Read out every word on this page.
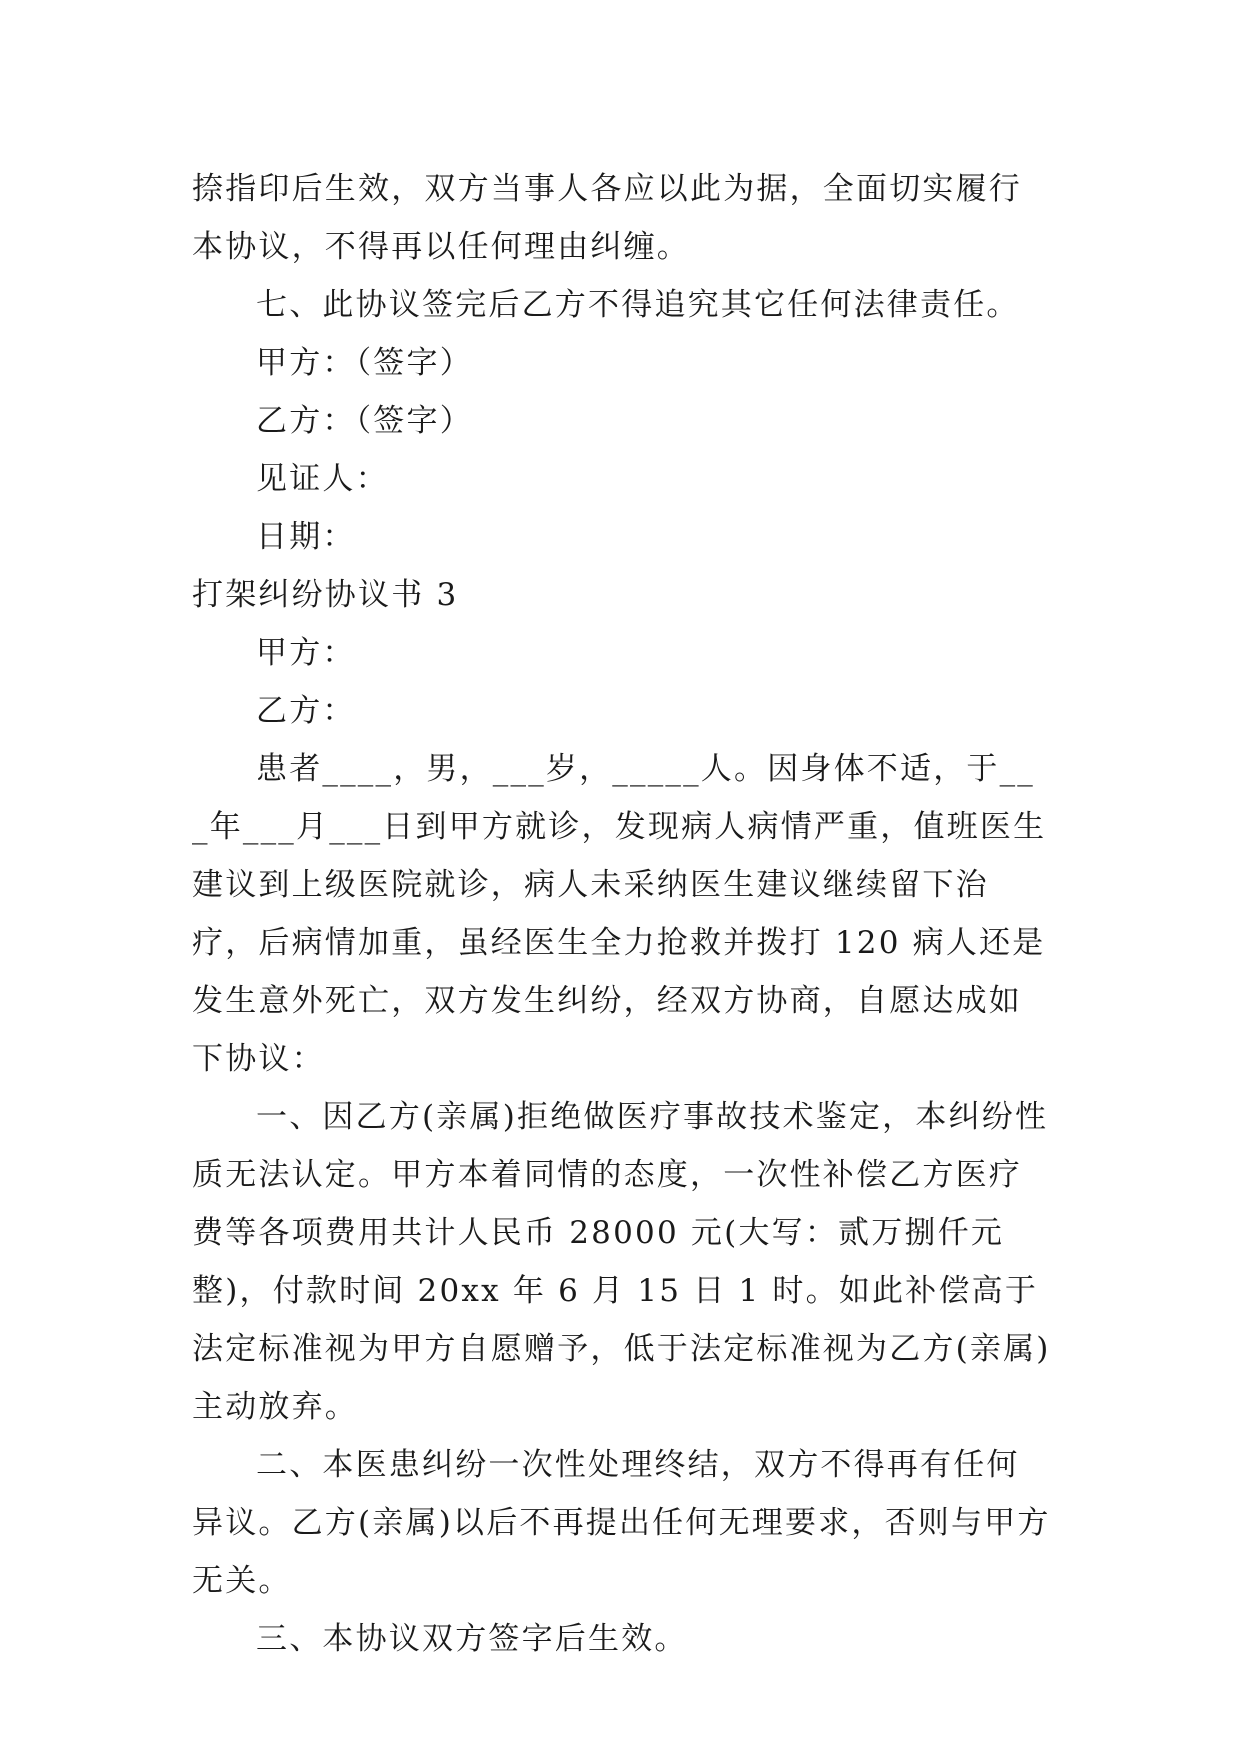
捺指印后生效，双方当事人各应以此为据，全面切实履行本协议，不得再以任何理由纠缠。

七、此协议签完后乙方不得追究其它任何法律责任。

甲方：（签字）

乙方：（签字）

见证人：

日期：

打架纠纷协议书 3

甲方：

乙方：

患者____，男，___岁，_____人。因身体不适，于___年___月___日到甲方就诊，发现病人病情严重，值班医生建议到上级医院就诊，病人未采纳医生建议继续留下治疗，后病情加重，虽经医生全力抢救并拨打 120 病人还是发生意外死亡，双方发生纠纷，经双方协商，自愿达成如下协议：

一、因乙方(亲属)拒绝做医疗事故技术鉴定，本纠纷性质无法认定。甲方本着同情的态度，一次性补偿乙方医疗费等各项费用共计人民币 28000 元(大写：贰万捌仟元整)，付款时间 20xx 年 6 月 15 日 1 时。如此补偿高于法定标准视为甲方自愿赠予，低于法定标准视为乙方(亲属)主动放弃。

二、本医患纠纷一次性处理终结，双方不得再有任何异议。乙方(亲属)以后不再提出任何无理要求，否则与甲方无关。

三、本协议双方签字后生效。
